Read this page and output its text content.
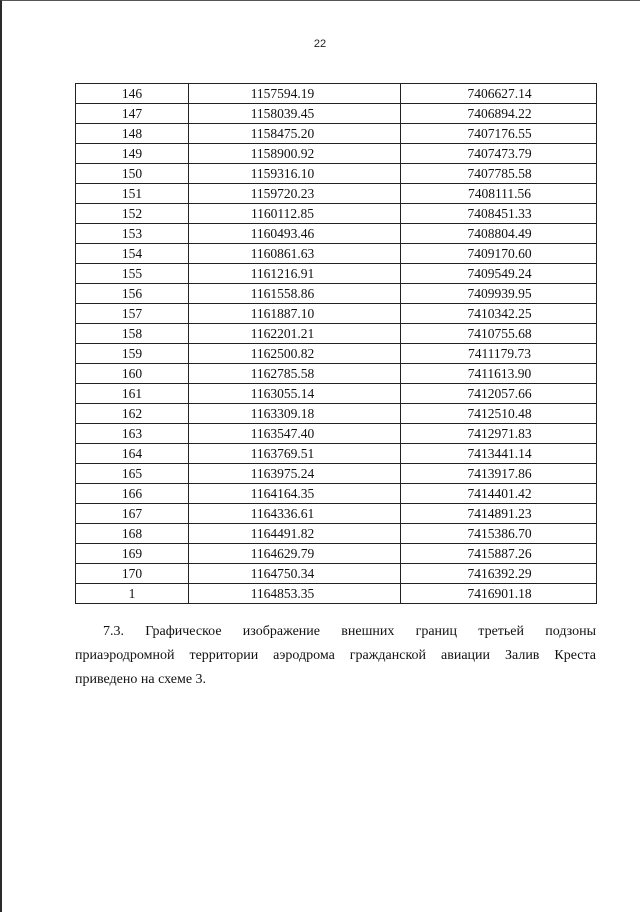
22
146	1157594.19	7406627.14
147	1158039.45	7406894.22
148	1158475.20	7407176.55
149	1158900.92	7407473.79
150	1159316.10	7407785.58
151	1159720.23	7408111.56
152	1160112.85	7408451.33
153	1160493.46	7408804.49
154	1160861.63	7409170.60
155	1161216.91	7409549.24
156	1161558.86	7409939.95
157	1161887.10	7410342.25
158	1162201.21	7410755.68
159	1162500.82	7411179.73
160	1162785.58	7411613.90
161	1163055.14	7412057.66
162	1163309.18	7412510.48
163	1163547.40	7412971.83
164	1163769.51	7413441.14
165	1163975.24	7413917.86
166	1164164.35	7414401.42
167	1164336.61	7414891.23
168	1164491.82	7415386.70
169	1164629.79	7415887.26
170	1164750.34	7416392.29
1	1164853.35	7416901.18
7.3. Графическое изображение внешних границ третьей подзоны
приаэродромной территории аэродрома гражданской авиации Залив Креста
приведено на схеме 3.
